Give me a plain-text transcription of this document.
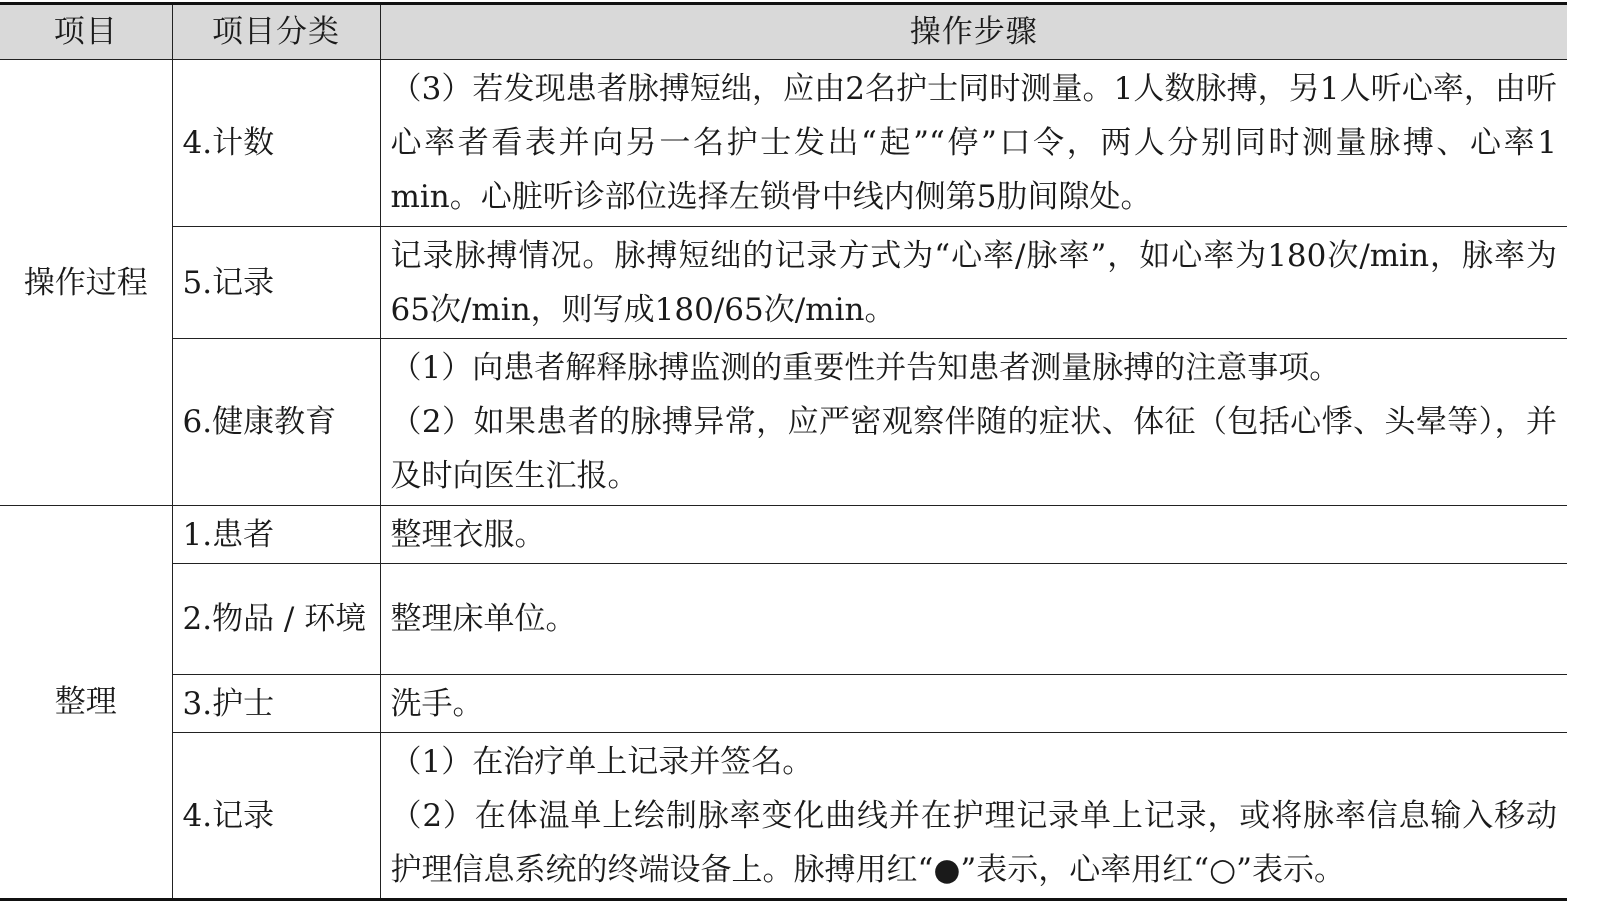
项目	项目分类	操作步骤
操作过程	4.计数	（3）若发现患者脉搏短绌，应由2名护士同时测量。1人数脉搏，另1人听心率，由听心率者看表并向另一名护士发出“起”“停”口令，两人分别同时测量脉搏、心率1 min。心脏听诊部位选择左锁骨中线内侧第5肋间隙处。

	5.记录	记录脉搏情况。脉搏短绌的记录方式为“心率/脉率”，如心率为180次/min，脉率为65次/min，则写成180/65次/min。

	6.健康教育	（1）向患者解释脉搏监测的重要性并告知患者测量脉搏的注意事项。
（2）如果患者的脉搏异常，应严密观察伴随的症状、体征（包括心悸、头晕等），并及时向医生汇报。

整理	1.患者	整理衣服。

	2.物品 / 环境	整理床单位。

	3.护士	洗手。

	4.记录	（1）在治疗单上记录并签名。
（2）在体温单上绘制脉率变化曲线并在护理记录单上记录，或将脉率信息输入移动护理信息系统的终端设备上。脉搏用红“●”表示，心率用红“○”表示。
